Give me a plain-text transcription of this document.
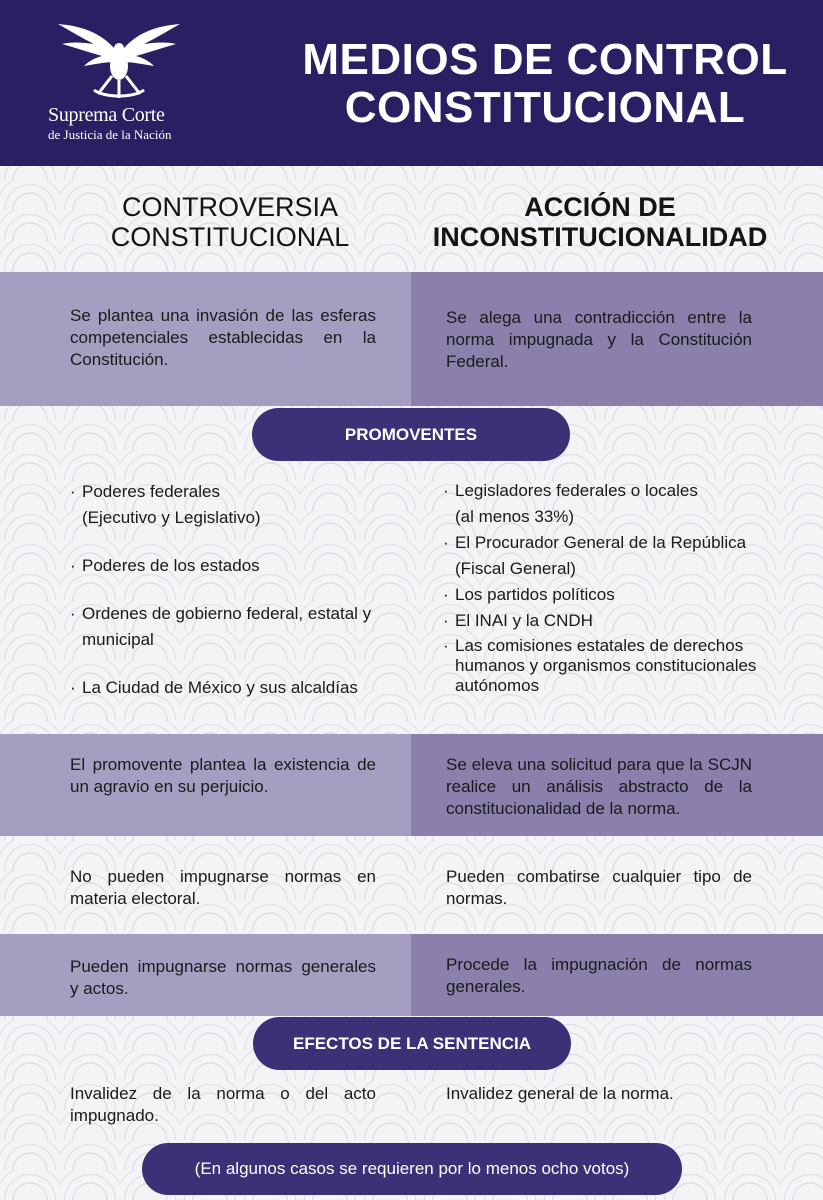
Suprema Corte
de Justicia de la Nación
MEDIOS DE CONTROL
CONSTITUCIONAL
CONTROVERSIA
CONSTITUCIONAL
ACCIÓN DE
INCONSTITUCIONALIDAD
Se plantea una invasión de las esferas competenciales establecidas en la Constitución.
Se alega una contradicción entre la norma impugnada y la Constitución Federal.
PROMOVENTES
· Poderes federales
(Ejecutivo y Legislativo)
· Poderes de los estados
· Ordenes de gobierno federal, estatal y
municipal
· La Ciudad de México y sus alcaldías
· Legisladores federales o locales
(al menos 33%)
· El Procurador General de la República
(Fiscal General)
· Los partidos políticos
· El INAI y la CNDH
· Las comisiones estatales de derechos humanos y organismos constitucionales autónomos
El promovente plantea la existencia de un agravio en su perjuicio.
Se eleva una solicitud para que la SCJN realice un análisis abstracto de la constitucionalidad de la norma.
No pueden impugnarse normas en materia electoral.
Pueden combatirse cualquier tipo de normas.
Pueden impugnarse normas generales y actos.
Procede la impugnación de normas generales.
EFECTOS DE LA SENTENCIA
Invalidez de la norma o del acto impugnado.
Invalidez general de la norma.
(En algunos casos se requieren por lo menos ocho votos)
